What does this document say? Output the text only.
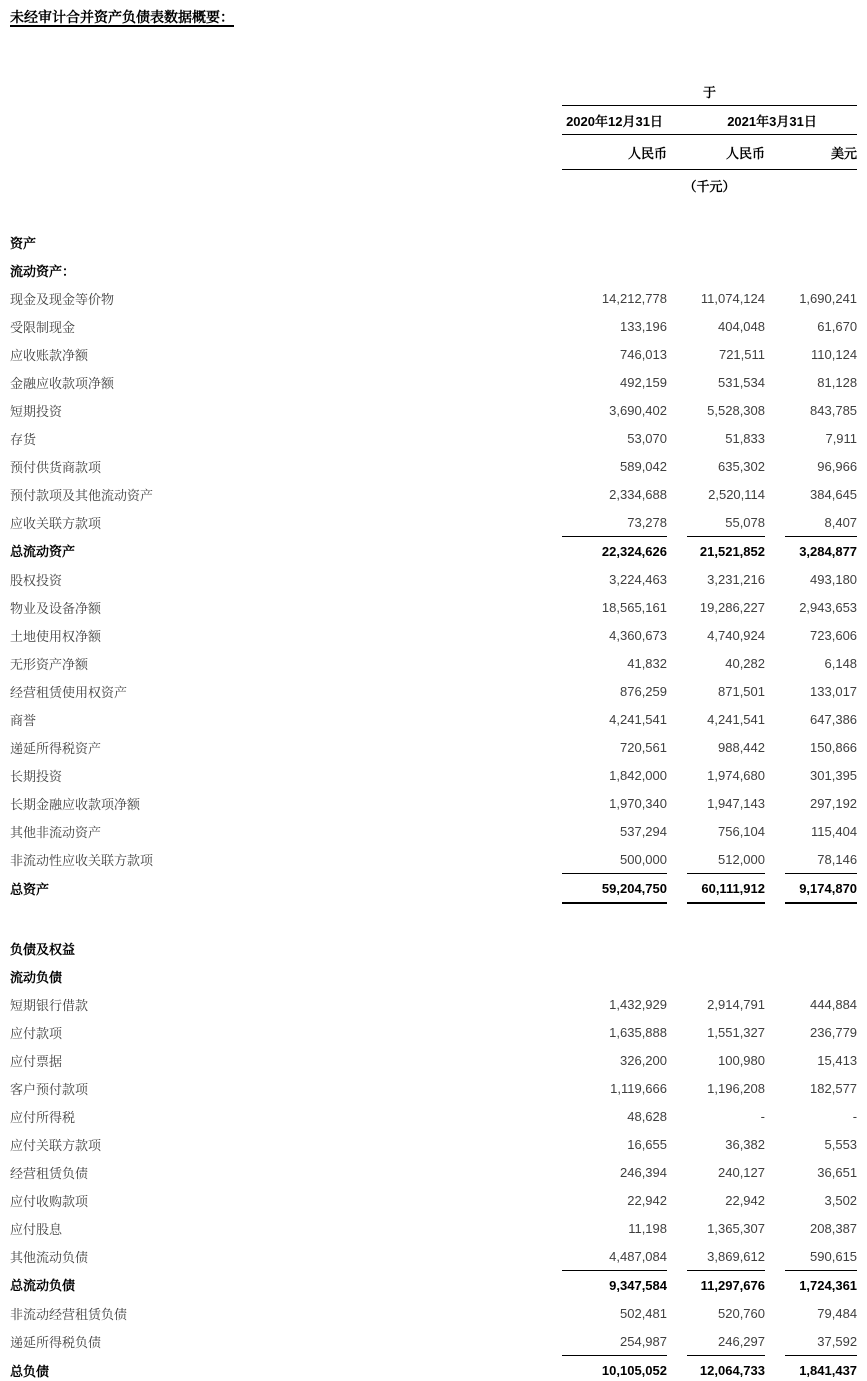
未经审计合并资产负债表数据概要：
	于				
	2020年12月31日		2021年3月31日		
	人民币		人民币		美元
	（千元）				

资产					
流动资产：					
现金及现金等价物	14,212,778		11,074,124		1,690,241
受限制现金	133,196		404,048		61,670
应收账款净额	746,013		721,511		110,124
金融应收款项净额	492,159		531,534		81,128
短期投资	3,690,402		5,528,308		843,785
存货	53,070		51,833		7,911
预付供货商款项	589,042		635,302		96,966
预付款项及其他流动资产	2,334,688		2,520,114		384,645
应收关联方款项	73,278		55,078		8,407
总流动资产	22,324,626		21,521,852		3,284,877
股权投资	3,224,463		3,231,216		493,180
物业及设备净额	18,565,161		19,286,227		2,943,653
土地使用权净额	4,360,673		4,740,924		723,606
无形资产净额	41,832		40,282		6,148
经营租赁使用权资产	876,259		871,501		133,017
商誉	4,241,541		4,241,541		647,386
递延所得税资产	720,561		988,442		150,866
长期投资	1,842,000		1,974,680		301,395
长期金融应收款项净额	1,970,340		1,947,143		297,192
其他非流动资产	537,294		756,104		115,404
非流动性应收关联方款项	500,000		512,000		78,146
总资产	59,204,750		60,111,912		9,174,870

负债及权益					
流动负债					
短期银行借款	1,432,929		2,914,791		444,884
应付款项	1,635,888		1,551,327		236,779
应付票据	326,200		100,980		15,413
客户预付款项	1,119,666		1,196,208		182,577
应付所得税	48,628		-		-
应付关联方款项	16,655		36,382		5,553
经营租赁负债	246,394		240,127		36,651
应付收购款项	22,942		22,942		3,502
应付股息	11,198		1,365,307		208,387
其他流动负债	4,487,084		3,869,612		590,615
总流动负债	9,347,584		11,297,676		1,724,361
非流动经营租赁负债	502,481		520,760		79,484
递延所得税负债	254,987		246,297		37,592
总负债	10,105,052		12,064,733		1,841,437
